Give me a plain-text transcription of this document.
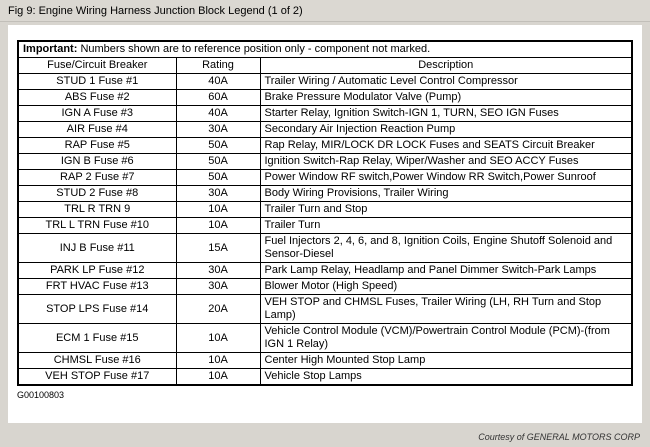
Fig 9: Engine Wiring Harness Junction Block Legend (1 of 2)
Important: Numbers shown are to reference position only - component not marked.		
Fuse/Circuit Breaker	Rating	Description
STUD 1 Fuse #1	40A	Trailer Wiring / Automatic Level Control Compressor
ABS Fuse #2	60A	Brake Pressure Modulator Valve (Pump)
IGN A Fuse #3	40A	Starter Relay, Ignition Switch-IGN 1, TURN, SEO IGN Fuses
AIR Fuse #4	30A	Secondary Air Injection Reaction Pump
RAP Fuse #5	50A	Rap Relay, MIR/LOCK DR LOCK Fuses and SEATS Circuit Breaker
IGN B Fuse #6	50A	Ignition Switch-Rap Relay, Wiper/Washer and SEO ACCY Fuses
RAP 2 Fuse #7	50A	Power Window RF switch,Power Window RR Switch,Power Sunroof
STUD 2 Fuse #8	30A	Body Wiring Provisions, Trailer Wiring
TRL R TRN 9	10A	Trailer Turn and Stop
TRL L TRN Fuse #10	10A	Trailer Turn
INJ B Fuse #11	15A	Fuel Injectors 2, 4, 6, and 8, Ignition Coils, Engine Shutoff Solenoid and Sensor-Diesel
PARK LP Fuse #12	30A	Park Lamp Relay, Headlamp and Panel Dimmer Switch-Park Lamps
FRT HVAC Fuse #13	30A	Blower Motor (High Speed)
STOP LPS Fuse #14	20A	VEH STOP and CHMSL Fuses, Trailer Wiring (LH, RH Turn and Stop Lamp)
ECM 1 Fuse #15	10A	Vehicle Control Module (VCM)/Powertrain Control Module (PCM)-(from IGN 1 Relay)
CHMSL Fuse #16	10A	Center High Mounted Stop Lamp
VEH STOP Fuse #17	10A	Vehicle Stop Lamps
G00100803
Courtesy of GENERAL MOTORS CORP
